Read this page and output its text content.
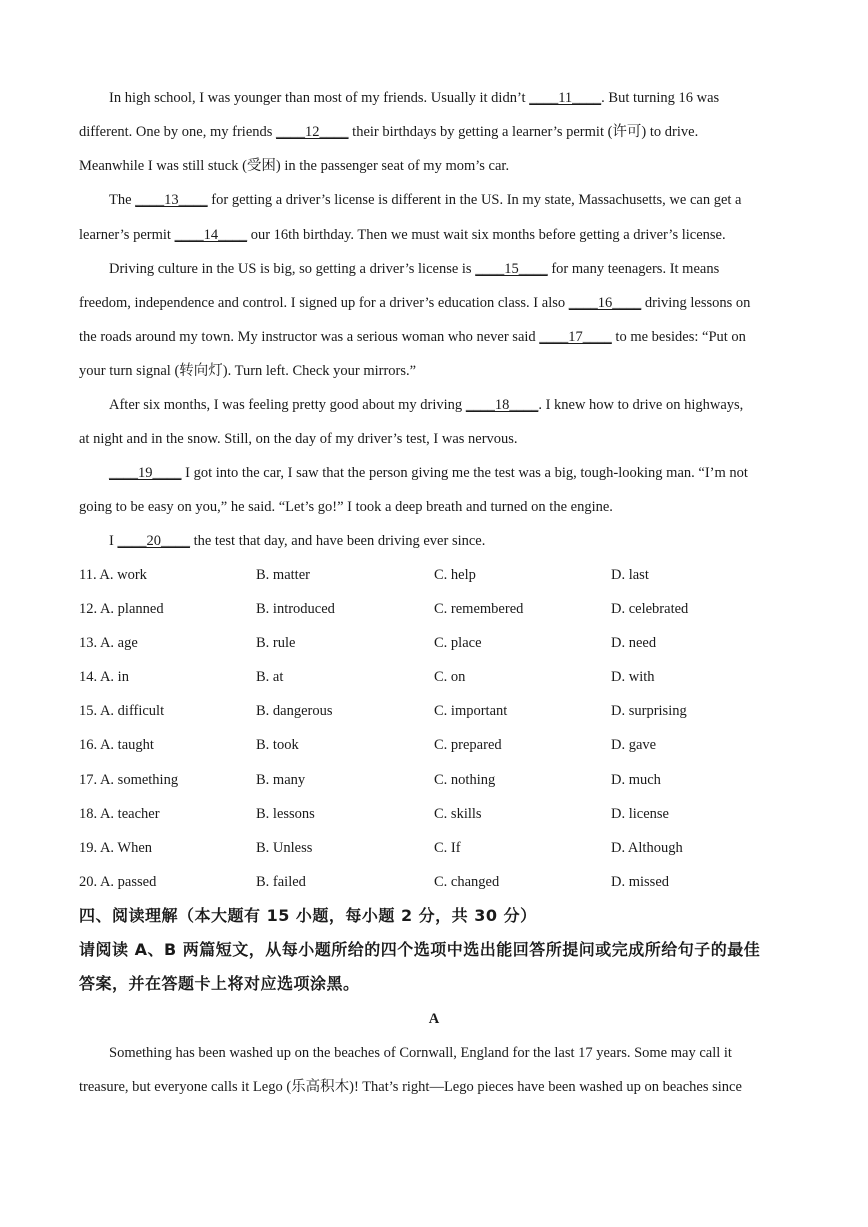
In high school, I was younger than most of my friends. Usually it didn’t ____11____. But turning 16 was
different. One by one, my friends ____12____ their birthdays by getting a learner’s permit (许可) to drive.
Meanwhile I was still stuck (受困) in the passenger seat of my mom’s car.
The ____13____ for getting a driver’s license is different in the US. In my state, Massachusetts, we can get a
learner’s permit ____14____ our 16th birthday. Then we must wait six months before getting a driver’s license.
Driving culture in the US is big, so getting a driver’s license is ____15____ for many teenagers. It means
freedom, independence and control. I signed up for a driver’s education class. I also ____16____ driving lessons on
the roads around my town. My instructor was a serious woman who never said ____17____ to me besides: “Put on
your turn signal (转向灯). Turn left. Check your mirrors.”
After six months, I was feeling pretty good about my driving ____18____. I knew how to drive on highways,
at night and in the snow. Still, on the day of my driver’s test, I was nervous.
____19____ I got into the car, I saw that the person giving me the test was a big, tough-looking man. “I’m not
going to be easy on you,” he said. “Let’s go!” I took a deep breath and turned on the engine.
I ____20____ the test that day, and have been driving ever since.
11. A. work	B. matter	C. help	D. last
12. A. planned	B. introduced	C. remembered	D. celebrated
13. A. age	B. rule	C. place	D. need
14. A. in	B. at	C. on	D. with
15. A. difficult	B. dangerous	C. important	D. surprising
16. A. taught	B. took	C. prepared	D. gave
17. A. something	B. many	C. nothing	D. much
18. A. teacher	B. lessons	C. skills	D. license
19. A. When	B. Unless	C. If	D. Although
20. A. passed	B. failed	C. changed	D. missed
四、阅读理解（本大题有 15 小题，每小题 2 分，共 30 分）
请阅读 A、B 两篇短文，从每小题所给的四个选项中选出能回答所提问或完成所给句子的最佳
答案，并在答题卡上将对应选项涂黑。
A
Something has been washed up on the beaches of Cornwall, England for the last 17 years. Some may call it
treasure, but everyone calls it Lego (乐高积木)! That’s right—Lego pieces have been washed up on beaches since
